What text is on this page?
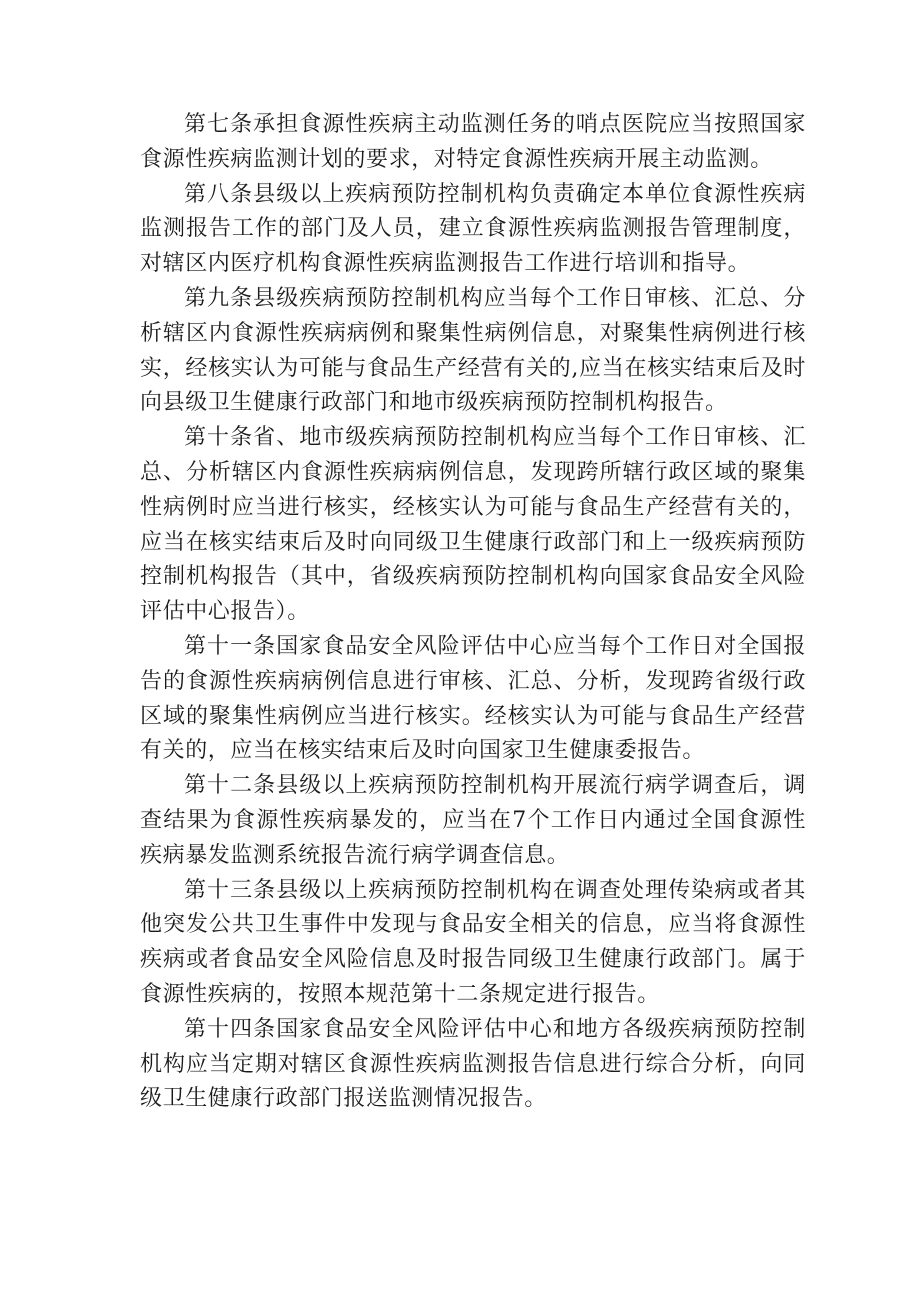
第七条承担食源性疾病主动监测任务的哨点医院应当按照国家食源性疾病监测计划的要求，对特定食源性疾病开展主动监测。

第八条县级以上疾病预防控制机构负责确定本单位食源性疾病监测报告工作的部门及人员，建立食源性疾病监测报告管理制度，对辖区内医疗机构食源性疾病监测报告工作进行培训和指导。

第九条县级疾病预防控制机构应当每个工作日审核、汇总、分析辖区内食源性疾病病例和聚集性病例信息，对聚集性病例进行核实，经核实认为可能与食品生产经营有关的,应当在核实结束后及时向县级卫生健康行政部门和地市级疾病预防控制机构报告。

第十条省、地市级疾病预防控制机构应当每个工作日审核、汇总、分析辖区内食源性疾病病例信息，发现跨所辖行政区域的聚集性病例时应当进行核实，经核实认为可能与食品生产经营有关的，应当在核实结束后及时向同级卫生健康行政部门和上一级疾病预防控制机构报告（其中，省级疾病预防控制机构向国家食品安全风险评估中心报告）。

第十一条国家食品安全风险评估中心应当每个工作日对全国报告的食源性疾病病例信息进行审核、汇总、分析，发现跨省级行政区域的聚集性病例应当进行核实。经核实认为可能与食品生产经营有关的，应当在核实结束后及时向国家卫生健康委报告。

第十二条县级以上疾病预防控制机构开展流行病学调查后，调查结果为食源性疾病暴发的，应当在7个工作日内通过全国食源性疾病暴发监测系统报告流行病学调查信息。

第十三条县级以上疾病预防控制机构在调查处理传染病或者其他突发公共卫生事件中发现与食品安全相关的信息，应当将食源性疾病或者食品安全风险信息及时报告同级卫生健康行政部门。属于食源性疾病的，按照本规范第十二条规定进行报告。

第十四条国家食品安全风险评估中心和地方各级疾病预防控制机构应当定期对辖区食源性疾病监测报告信息进行综合分析，向同级卫生健康行政部门报送监测情况报告。
